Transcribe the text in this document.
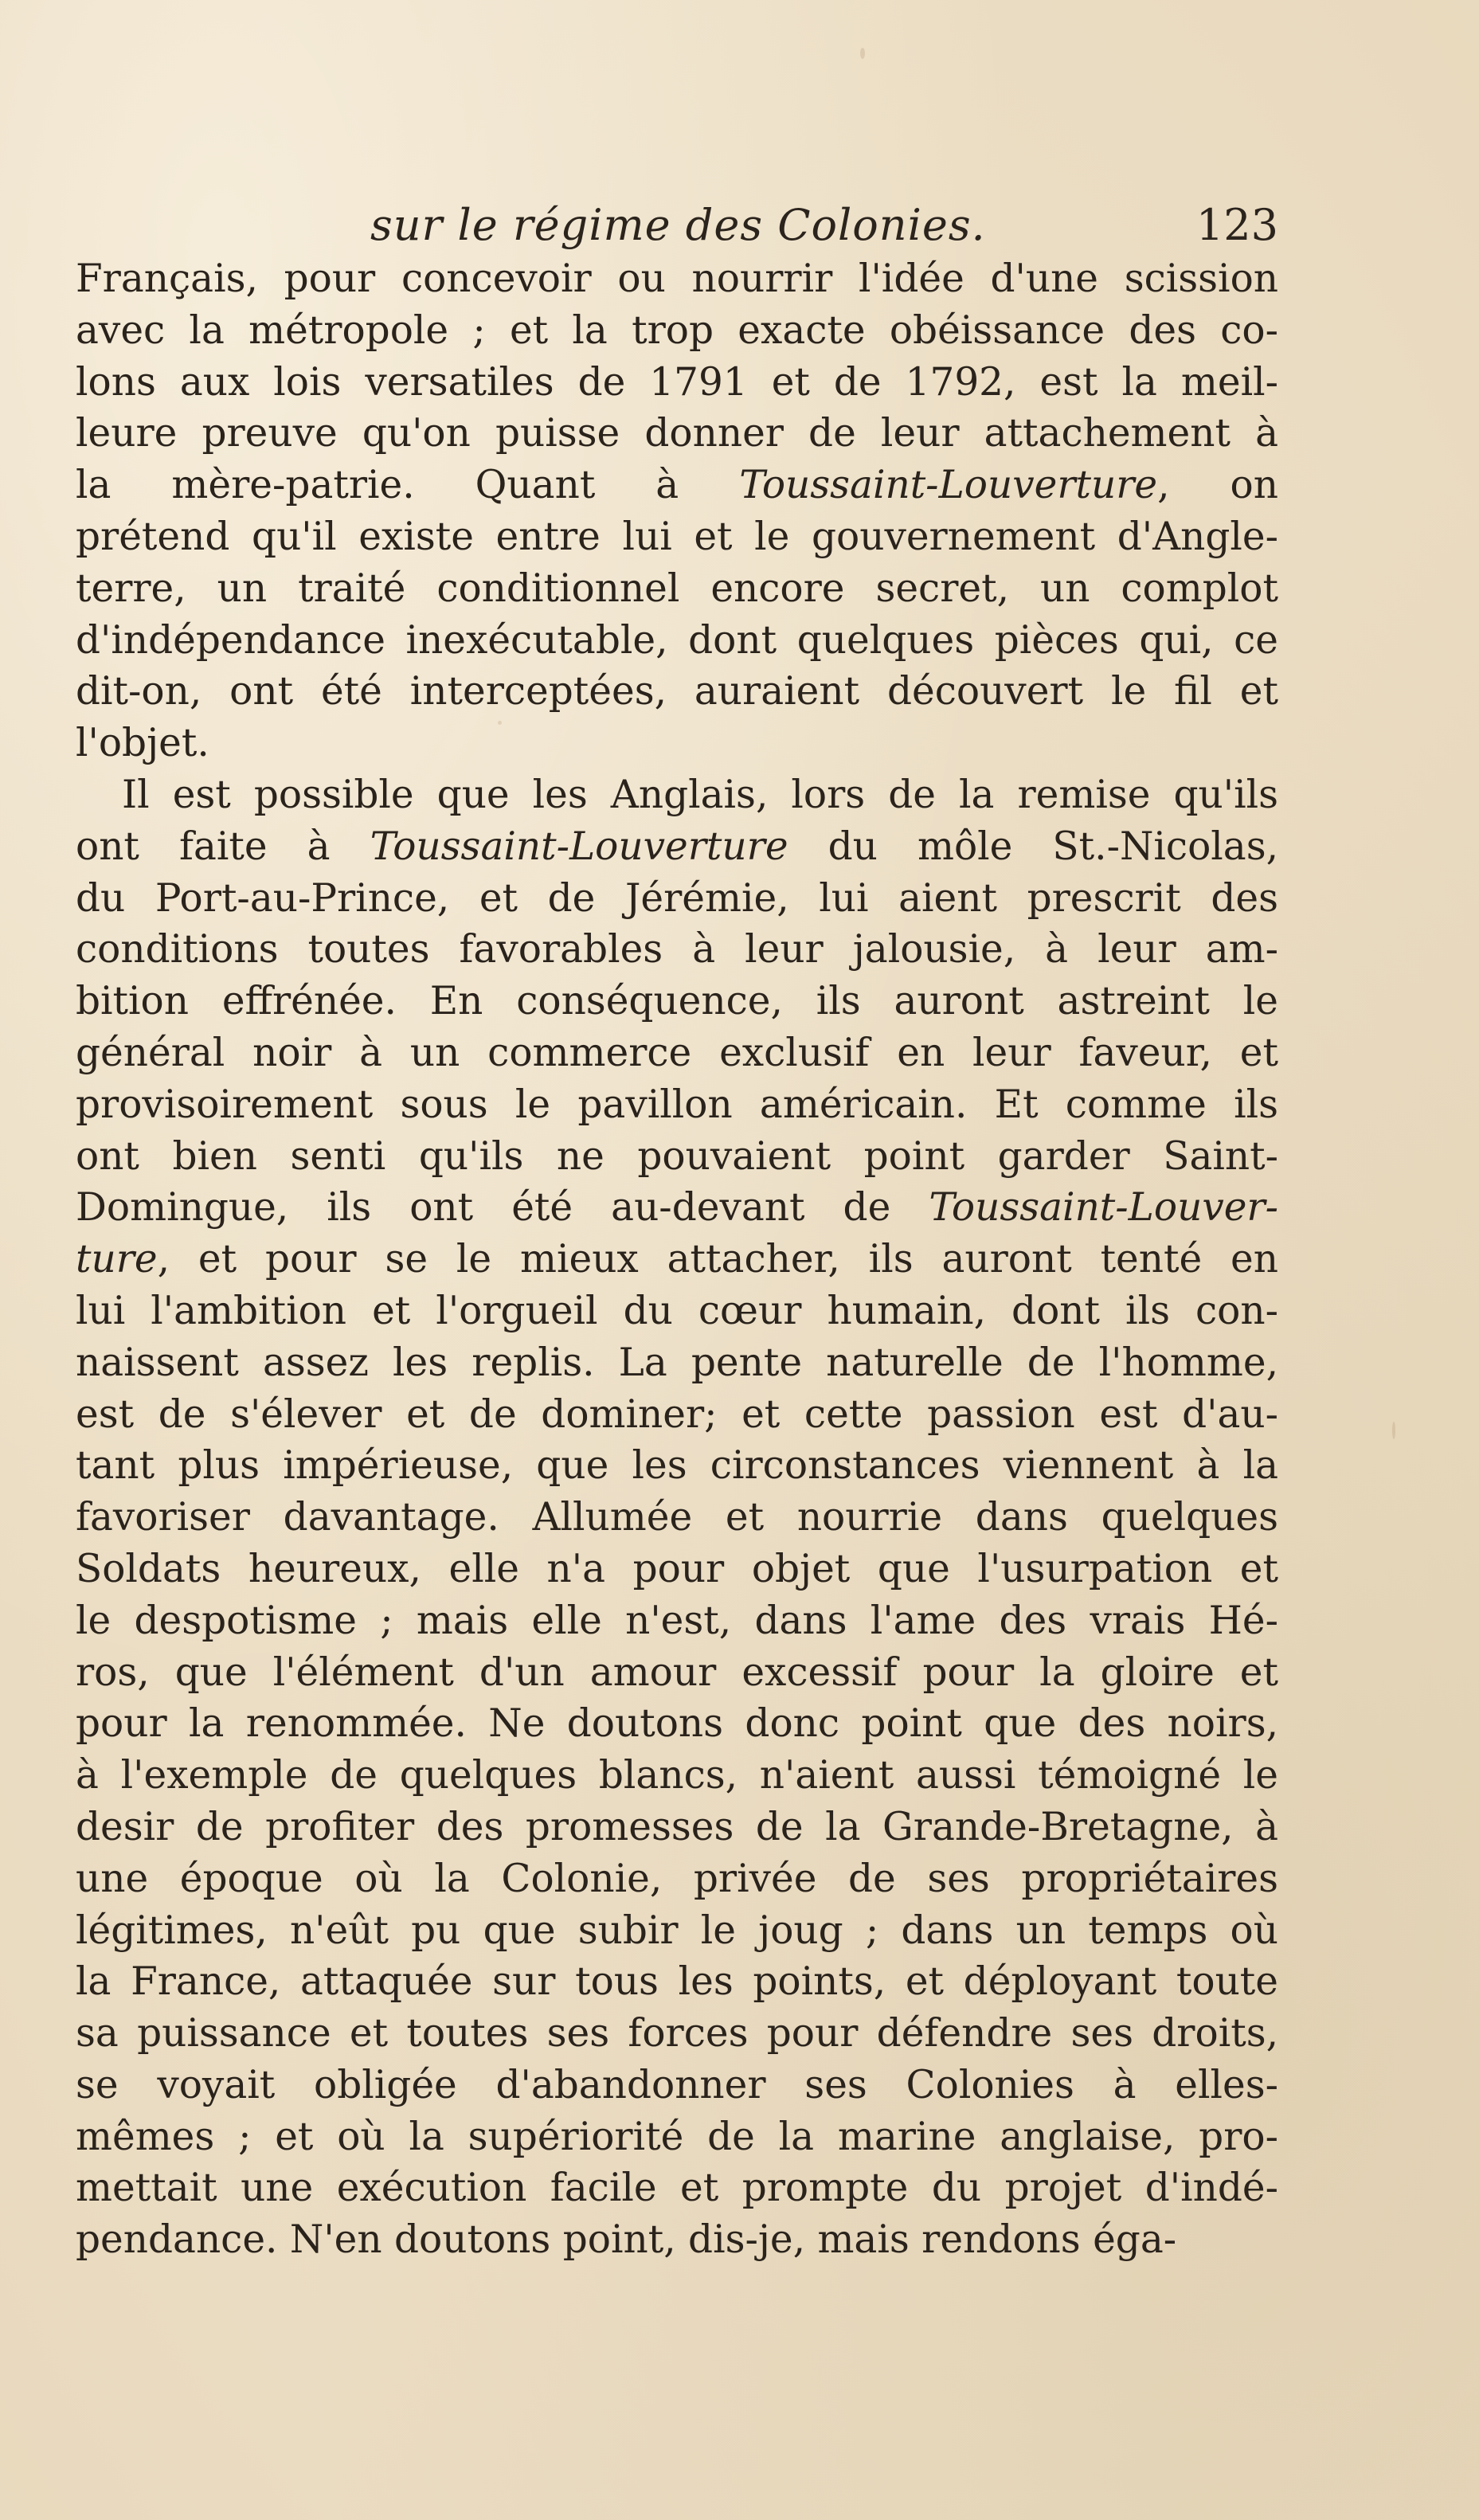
sur le régime des Colonies.	123
Français, pour concevoir ou nourrir l'idée d'une scission
avec la métropole ; et la trop exacte obéissance des co-
lons aux lois versatiles de 1791 et de 1792, est la meil-
leure preuve qu'on puisse donner de leur attachement à
la mère-patrie. Quant à Toussaint-Louverture, on
prétend qu'il existe entre lui et le gouvernement d'Angle-
terre, un traité conditionnel encore secret, un complot
d'indépendance inexécutable, dont quelques pièces qui, ce
dit-on, ont été interceptées, auraient découvert le fil et
l'objet.
Il est possible que les Anglais, lors de la remise qu'ils
ont faite à Toussaint-Louverture du môle St.-Nicolas,
du Port-au-Prince, et de Jérémie, lui aient prescrit des
conditions toutes favorables à leur jalousie, à leur am-
bition effrénée. En conséquence, ils auront astreint le
général noir à un commerce exclusif en leur faveur, et
provisoirement sous le pavillon américain. Et comme ils
ont bien senti qu'ils ne pouvaient point garder Saint-
Domingue, ils ont été au-devant de Toussaint-Louver-
ture, et pour se le mieux attacher, ils auront tenté en
lui l'ambition et l'orgueil du cœur humain, dont ils con-
naissent assez les replis. La pente naturelle de l'homme,
est de s'élever et de dominer; et cette passion est d'au-
tant plus impérieuse, que les circonstances viennent à la
favoriser davantage. Allumée et nourrie dans quelques
Soldats heureux, elle n'a pour objet que l'usurpation et
le despotisme ; mais elle n'est, dans l'ame des vrais Hé-
ros, que l'élément d'un amour excessif pour la gloire et
pour la renommée. Ne doutons donc point que des noirs,
à l'exemple de quelques blancs, n'aient aussi témoigné le
desir de profiter des promesses de la Grande-Bretagne, à
une époque où la Colonie, privée de ses propriétaires
légitimes, n'eût pu que subir le joug ; dans un temps où
la France, attaquée sur tous les points, et déployant toute
sa puissance et toutes ses forces pour défendre ses droits,
se voyait obligée d'abandonner ses Colonies à elles-
mêmes ; et où la supériorité de la marine anglaise, pro-
mettait une exécution facile et prompte du projet d'indé-
pendance. N'en doutons point, dis-je, mais rendons éga-
